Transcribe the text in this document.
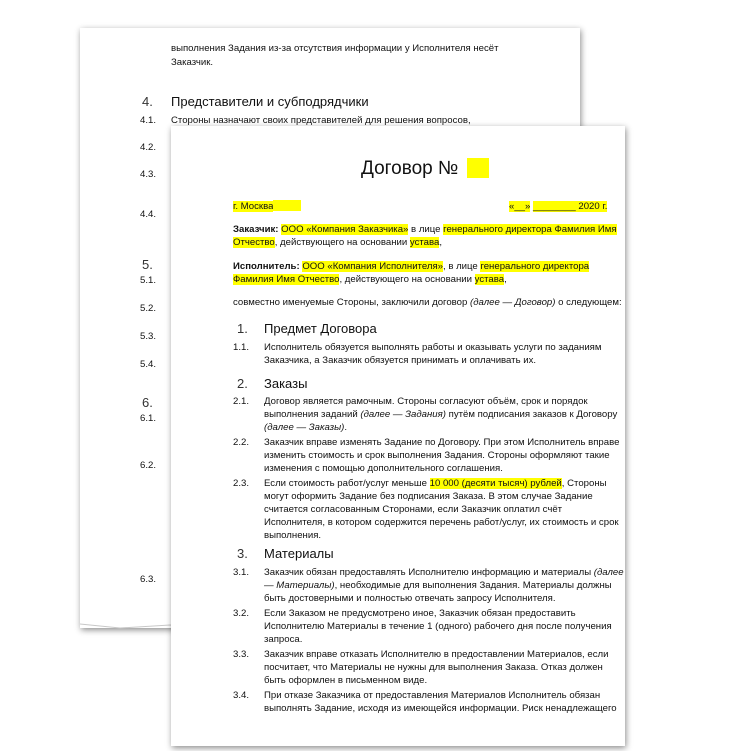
выполнения Задания из-за отсутствия информации у Исполнителя несёт
Заказчик.
4. Представители и субподрядчики
4.1. Стороны назначают своих представителей для решения вопросов,
4.2.
4.3.
4.4.
5.
5.1.
5.2.
5.3.
5.4.
6.
6.1.
6.2.
6.3.
Договор №
г. Москва	«__» ________ 2020 г.
Заказчик: ООО «Компания Заказчика» в лице генерального директора Фамилия Имя
Отчество, действующего на основании устава,
Исполнитель: ООО «Компания Исполнителя», в лице генерального директора
Фамилия Имя Отчество, действующего на основании устава,
совместно именуемые Стороны, заключили договор (далее — Договор) о следующем:
1. Предмет Договора
1.1. Исполнитель обязуется выполнять работы и оказывать услуги по заданиям
Заказчика, а Заказчик обязуется принимать и оплачивать их.
2. Заказы
2.1. Договор является рамочным. Стороны согласуют объём, срок и порядок
выполнения заданий (далее — Задания) путём подписания заказов к Договору
(далее — Заказы).
2.2. Заказчик вправе изменять Задание по Договору. При этом Исполнитель вправе
изменить стоимость и срок выполнения Задания. Стороны оформляют такие
изменения с помощью дополнительного соглашения.
2.3. Если стоимость работ/услуг меньше 10 000 (десяти тысяч) рублей, Стороны
могут оформить Задание без подписания Заказа. В этом случае Задание
считается согласованным Сторонами, если Заказчик оплатил счёт
Исполнителя, в котором содержится перечень работ/услуг, их стоимость и срок
выполнения.
3. Материалы
3.1. Заказчик обязан предоставлять Исполнителю информацию и материалы (далее
— Материалы), необходимые для выполнения Задания. Материалы должны
быть достоверными и полностью отвечать запросу Исполнителя.
3.2. Если Заказом не предусмотрено иное, Заказчик обязан предоставить
Исполнителю Материалы в течение 1 (одного) рабочего дня после получения
запроса.
3.3. Заказчик вправе отказать Исполнителю в предоставлении Материалов, если
посчитает, что Материалы не нужны для выполнения Заказа. Отказ должен
быть оформлен в письменном виде.
3.4. При отказе Заказчика от предоставления Материалов Исполнитель обязан
выполнять Задание, исходя из имеющейся информации. Риск ненадлежащего
